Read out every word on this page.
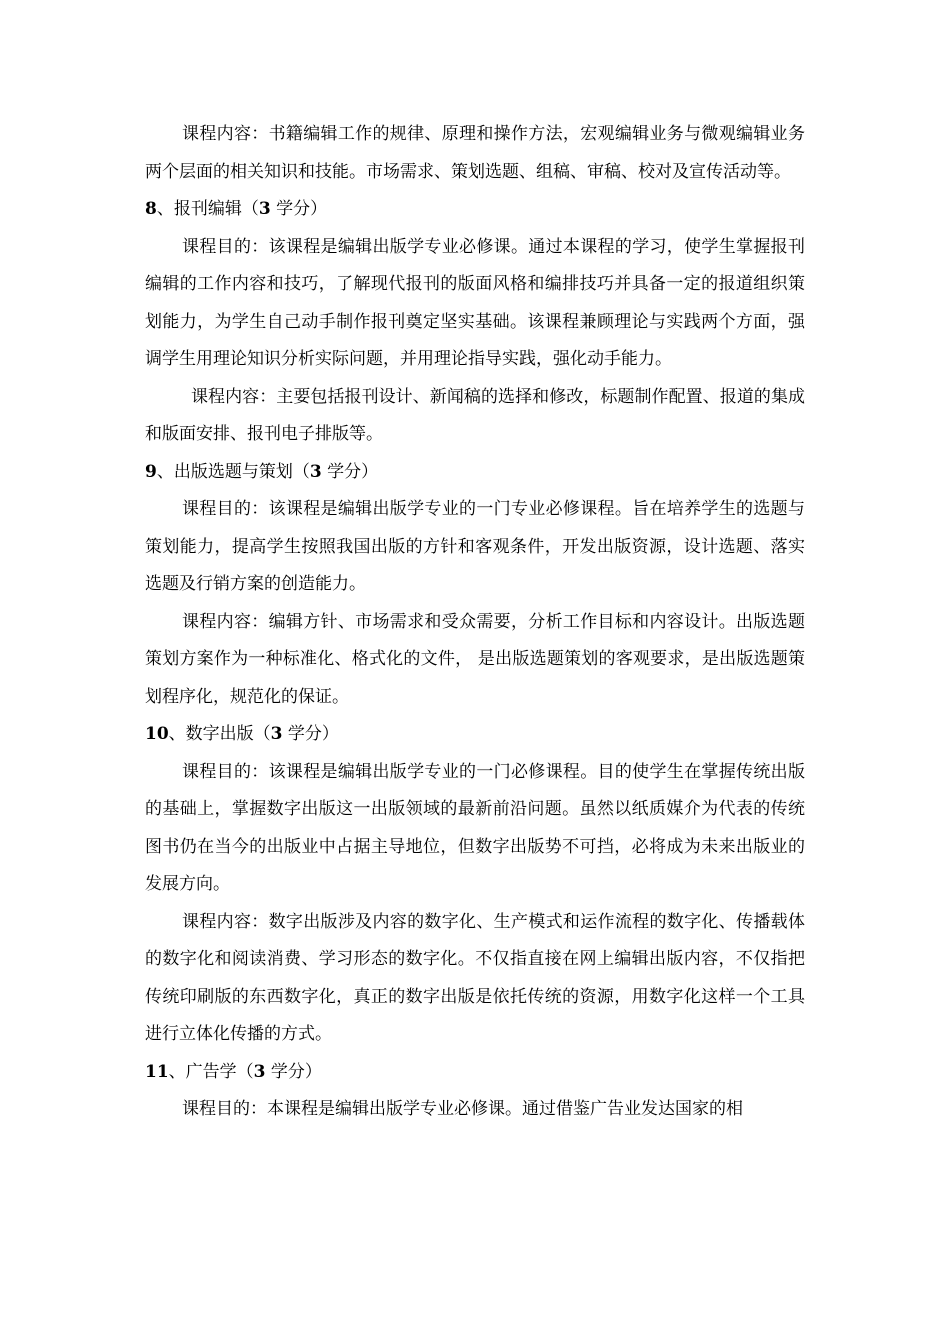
课程内容：书籍编辑工作的规律、原理和操作方法，宏观编辑业务与微观编辑业务两个层面的相关知识和技能。市场需求、策划选题、组稿、审稿、校对及宣传活动等。

8、报刊编辑（3 学分）

课程目的：该课程是编辑出版学专业必修课。通过本课程的学习，使学生掌握报刊编辑的工作内容和技巧，了解现代报刊的版面风格和编排技巧并具备一定的报道组织策划能力，为学生自己动手制作报刊奠定坚实基础。该课程兼顾理论与实践两个方面，强调学生用理论知识分析实际问题，并用理论指导实践，强化动手能力。

课程内容：主要包括报刊设计、新闻稿的选择和修改，标题制作配置、报道的集成和版面安排、报刊电子排版等。

9、出版选题与策划（3 学分）

课程目的：该课程是编辑出版学专业的一门专业必修课程。旨在培养学生的选题与策划能力，提高学生按照我国出版的方针和客观条件，开发出版资源，设计选题、落实选题及行销方案的创造能力。

课程内容：编辑方针、市场需求和受众需要，分析工作目标和内容设计。出版选题策划方案作为一种标准化、格式化的文件， 是出版选题策划的客观要求，是出版选题策划程序化，规范化的保证。

10、数字出版（3 学分）

课程目的：该课程是编辑出版学专业的一门必修课程。目的使学生在掌握传统出版的基础上，掌握数字出版这一出版领域的最新前沿问题。虽然以纸质媒介为代表的传统图书仍在当今的出版业中占据主导地位，但数字出版势不可挡，必将成为未来出版业的发展方向。

课程内容：数字出版涉及内容的数字化、生产模式和运作流程的数字化、传播载体的数字化和阅读消费、学习形态的数字化。不仅指直接在网上编辑出版内容，不仅指把传统印刷版的东西数字化，真正的数字出版是依托传统的资源，用数字化这样一个工具进行立体化传播的方式。

11、广告学（3 学分）

课程目的：本课程是编辑出版学专业必修课。通过借鉴广告业发达国家的相
